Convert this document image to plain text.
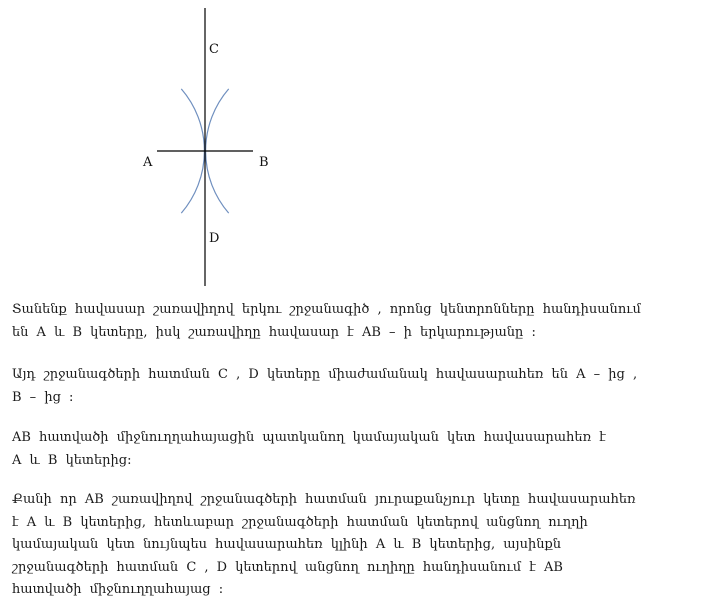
C
A	B
D
Տանենք հավասար շառավիղով երկու շրջանագիծ , որոնց կենտրոնները հանդիսանում
են A և B կետերը, իսկ շառավիղը հավասար է AB – ի երկարությանը ։
Այդ շրջանագծերի հատման C , D կետերը միաժամանակ հավասարահեռ են A – ից ,
B – ից ։
AB հատվածի միջնուղղահայացին պատկանող կամայական կետ հավասարահեռ է
A և B կետերից։
Քանի որ AB շառավիղով շրջանագծերի հատման յուրաքանչյուր կետը հավասարահեռ
է A և B կետերից, հետևաբար շրջանագծերի հատման կետերով անցնող ուղղի
կամայական կետ նույնպես հավասարահեռ կլինի A և B կետերից, այսինքն
շրջանագծերի հատման C , D կետերով անցնող ուղիղը հանդիսանում է AB
հատվածի միջնուղղահայաց ։
